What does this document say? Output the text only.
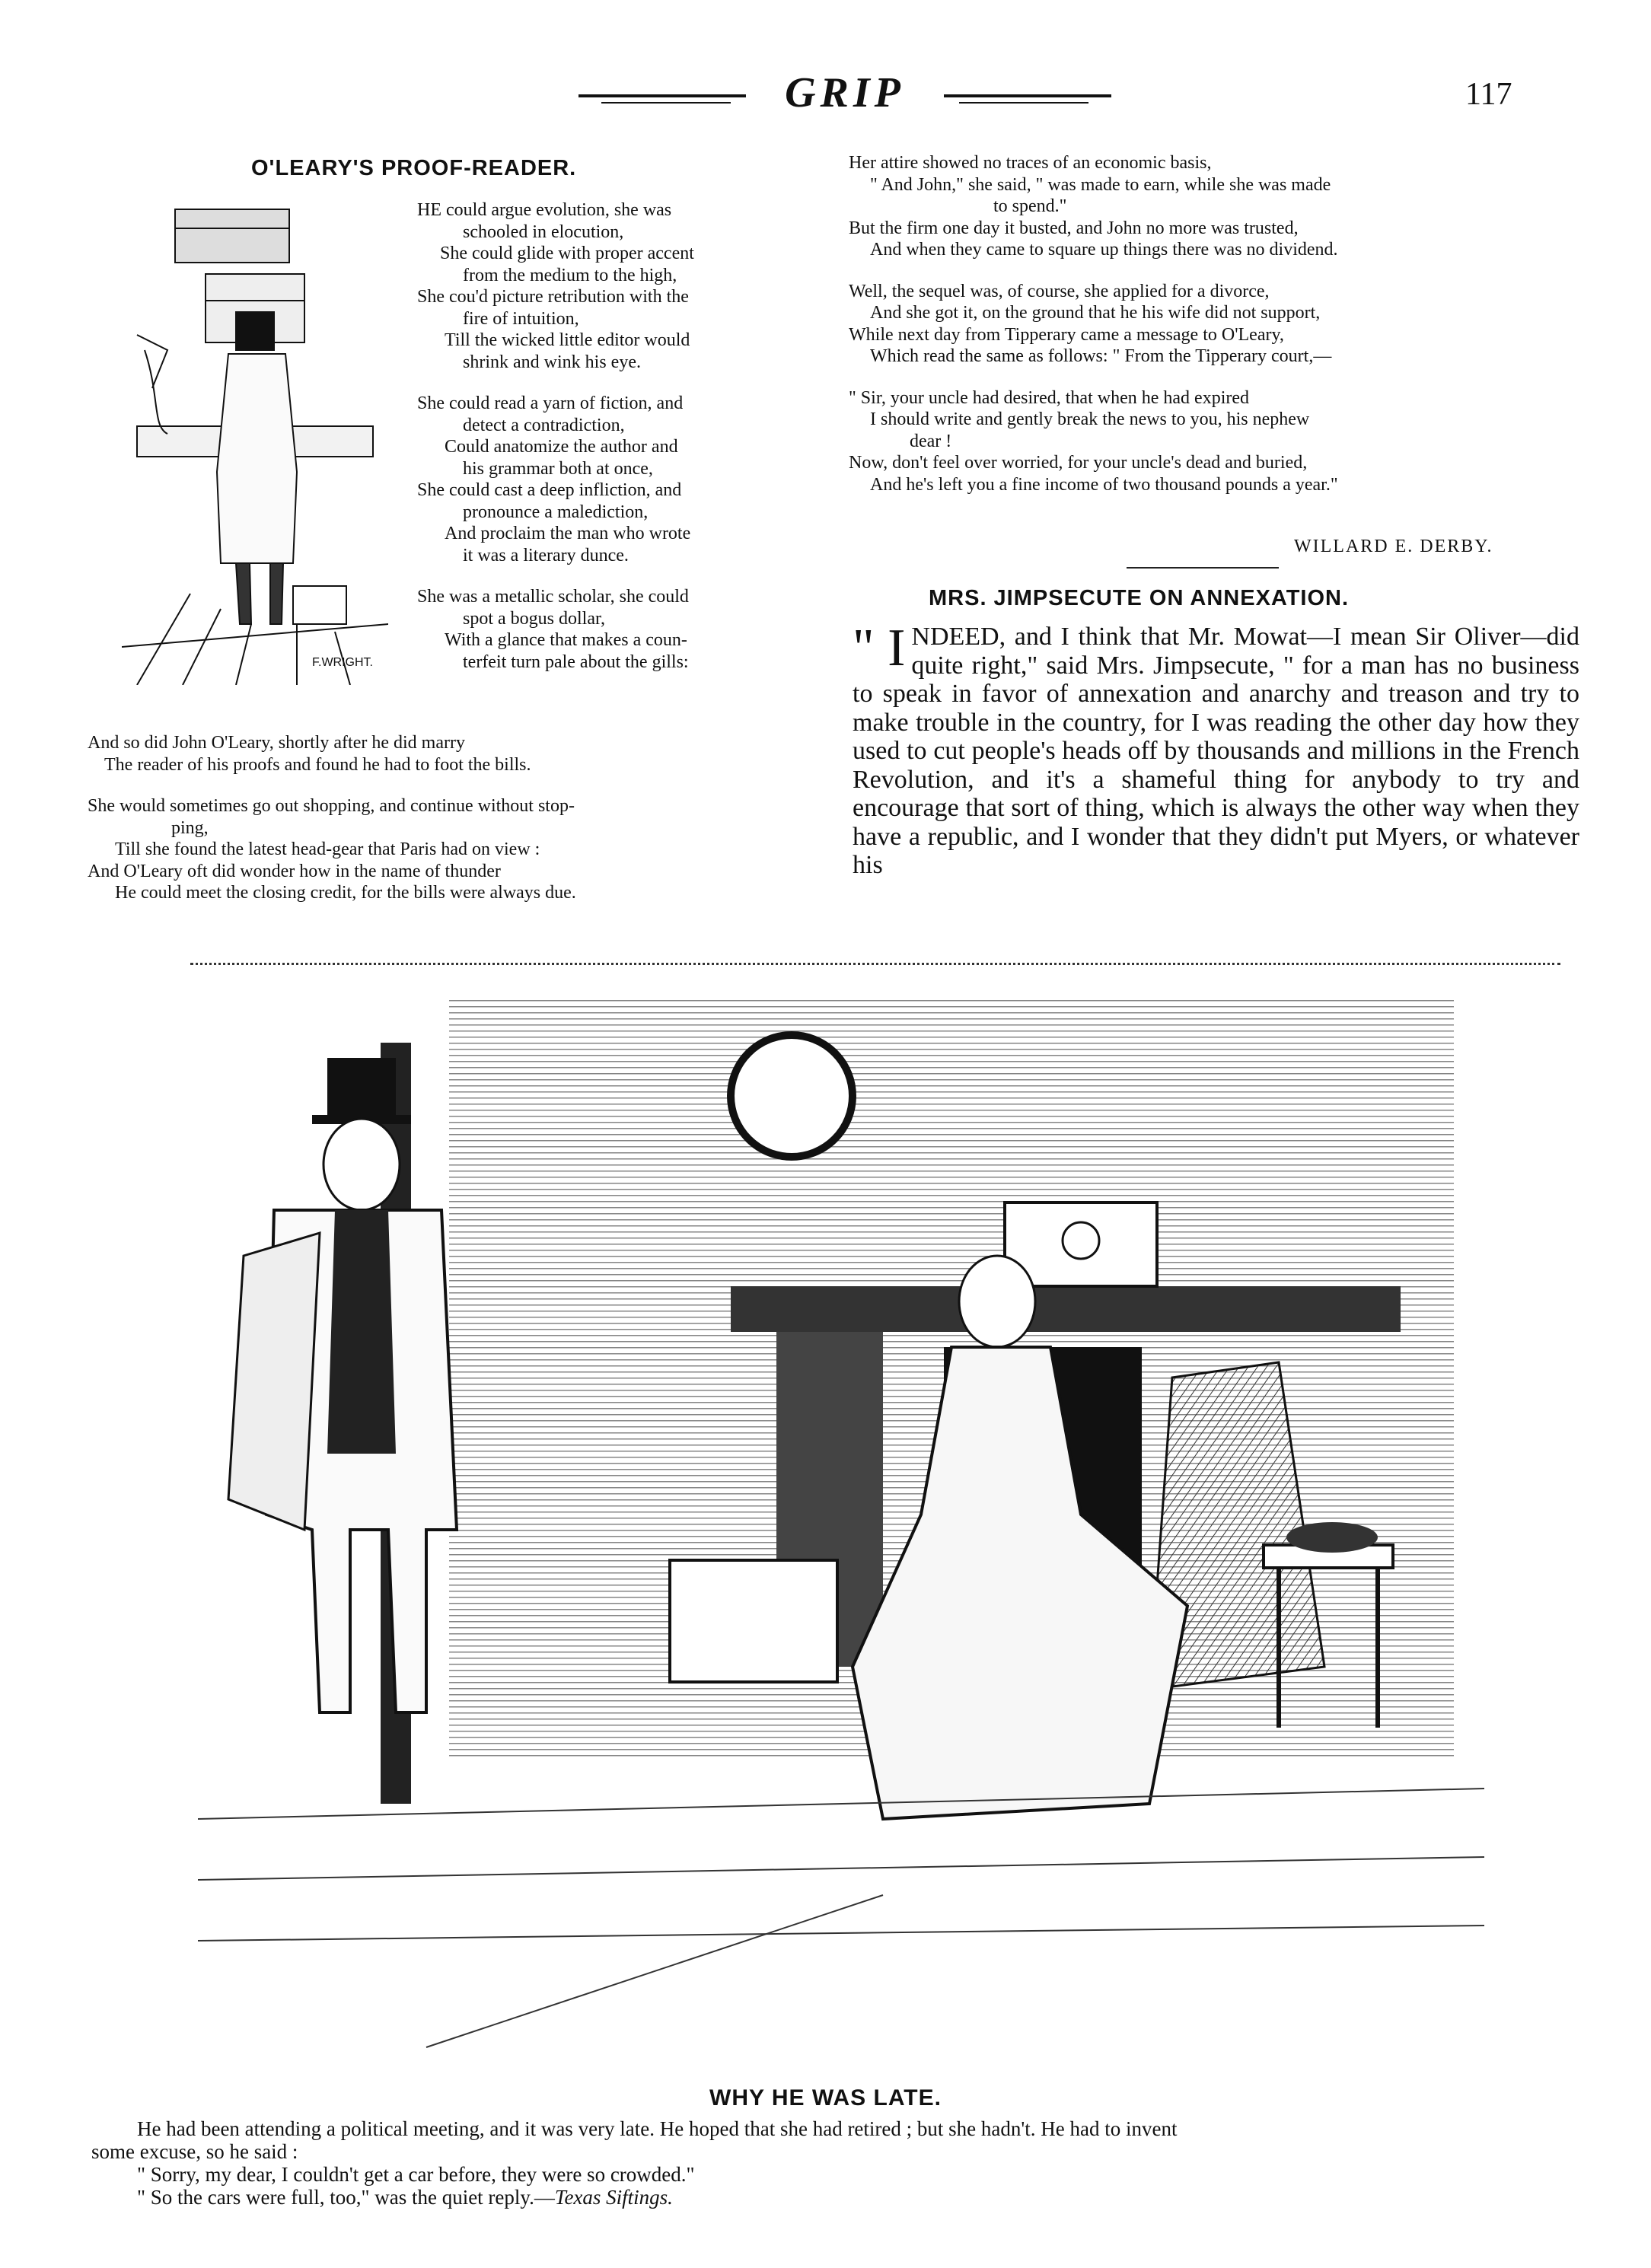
GRIP	117
O'LEARY'S PROOF-READER.
F.WRIGHT.

HE could argue evolution, she was

schooled in elocution,

She could glide with proper accent

from the medium to the high,

She cou'd picture retribution with the

fire of intuition,

Till the wicked little editor would

shrink and wink his eye.

She could read a yarn of fiction, and

detect a contradiction,

Could anatomize the author and

his grammar both at once,

She could cast a deep infliction, and

pronounce a malediction,

And proclaim the man who wrote

it was a literary dunce.

She was a metallic scholar, she could

spot a bogus dollar,

With a glance that makes a coun-

terfeit turn pale about the gills:

And so did John O'Leary, shortly after he did marry

The reader of his proofs and found he had to foot the bills.

She would sometimes go out shopping, and continue without stop-

ping,

Till she found the latest head-gear that Paris had on view :

And O'Leary oft did wonder how in the name of thunder

He could meet the closing credit, for the bills were always due.

Her attire showed no traces of an economic basis,

" And John," she said, " was made to earn, while she was made

to spend."

But the firm one day it busted, and John no more was trusted,

And when they came to square up things there was no dividend.

Well, the sequel was, of course, she applied for a divorce,

And she got it, on the ground that he his wife did not support,

While next day from Tipperary came a message to O'Leary,

Which read the same as follows: " From the Tipperary court,—

" Sir, your uncle had desired, that when he had expired

I should write and gently break the news to you, his nephew

dear !

Now, don't feel over worried, for your uncle's dead and buried,

And he's left you a fine income of two thousand pounds a year."

WILLARD E. DERBY.
MRS. JIMPSECUTE ON ANNEXATION.
" I NDEED, and I think that Mr. Mowat—I mean Sir Oliver—did quite right," said Mrs. Jimpsecute, " for a man has no business to speak in favor of annexation and anarchy and treason and try to make trouble in the country, for I was reading the other day how they used to cut people's heads off by thousands and millions in the French Revolution, and it's a shameful thing for anybody to try and encourage that sort of thing, which is always the other way when they have a republic, and I wonder that they didn't put Myers, or whatever his
WHY HE WAS LATE.

He had been attending a political meeting, and it was very late. He hoped that she had retired ; but she hadn't. He had to invent

some excuse, so he said :

" Sorry, my dear, I couldn't get a car before, they were so crowded."

" So the cars were full, too," was the quiet reply.—Texas Siftings.
